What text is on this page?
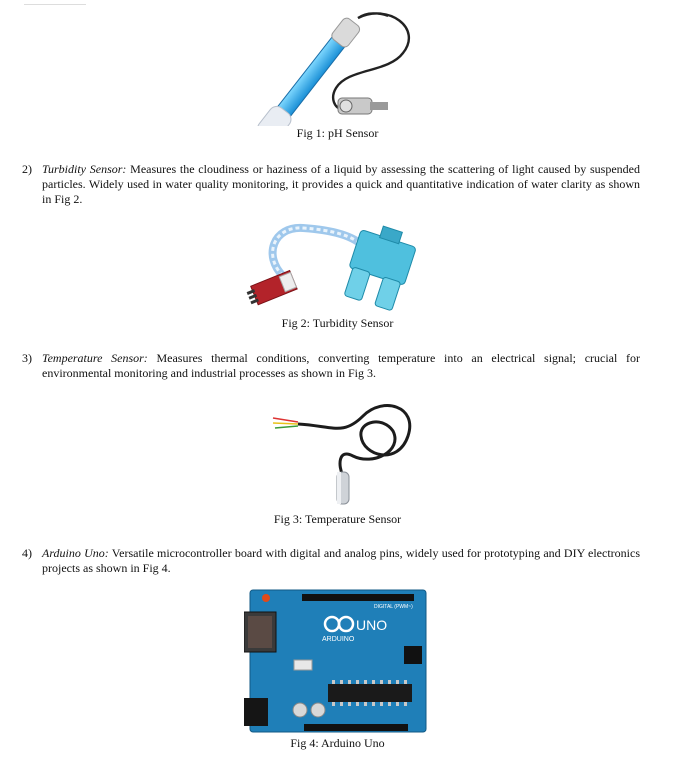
Fig 1: pH Sensor
2) Turbidity Sensor: Measures the cloudiness or haziness of a liquid by assessing the scattering of light caused by suspended particles. Widely used in water quality monitoring, it provides a quick and quantitative indication of water clarity as shown in Fig 2.
Fig 2: Turbidity Sensor
3) Temperature Sensor: Measures thermal conditions, converting temperature into an electrical signal; crucial for environmental monitoring and industrial processes as shown in Fig 3.
Fig 3: Temperature Sensor
4) Arduino Uno: Versatile microcontroller board with digital and analog pins, widely used for prototyping and DIY electronics projects as shown in Fig 4.
UNO
ARDUINO
DIGITAL (PWM~)
Fig 4: Arduino Uno
